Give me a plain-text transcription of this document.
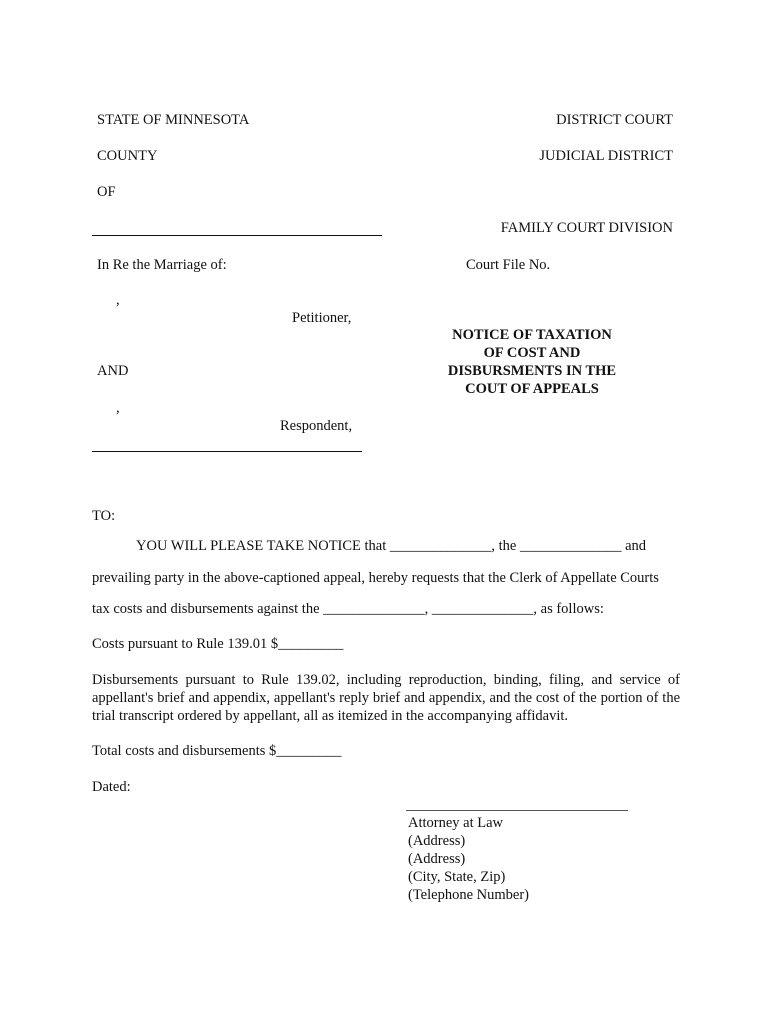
STATE OF MINNESOTA	DISTRICT COURT
COUNTY	JUDICIAL DISTRICT
OF
FAMILY COURT DIVISION
In Re the Marriage of:	Court File No.
,
Petitioner,
AND
,
Respondent,
NOTICE OF TAXATION
OF COST AND
DISBURSMENTS IN THE
COUT OF APPEALS
TO:
YOU WILL PLEASE TAKE NOTICE that ______________, the ______________ and
prevailing party in the above-captioned appeal, hereby requests that the Clerk of Appellate Courts
tax costs and disbursements against the ______________, ______________, as follows:
Costs pursuant to Rule 139.01 $_________
Disbursements pursuant to Rule 139.02, including reproduction, binding, filing, and service of appellant's brief and appendix, appellant's reply brief and appendix, and the cost of the portion of the trial transcript ordered by appellant, all as itemized in the accompanying affidavit.
Total costs and disbursements $_________
Dated:
Attorney at Law
(Address)
(Address)
(City, State, Zip)
(Telephone Number)
